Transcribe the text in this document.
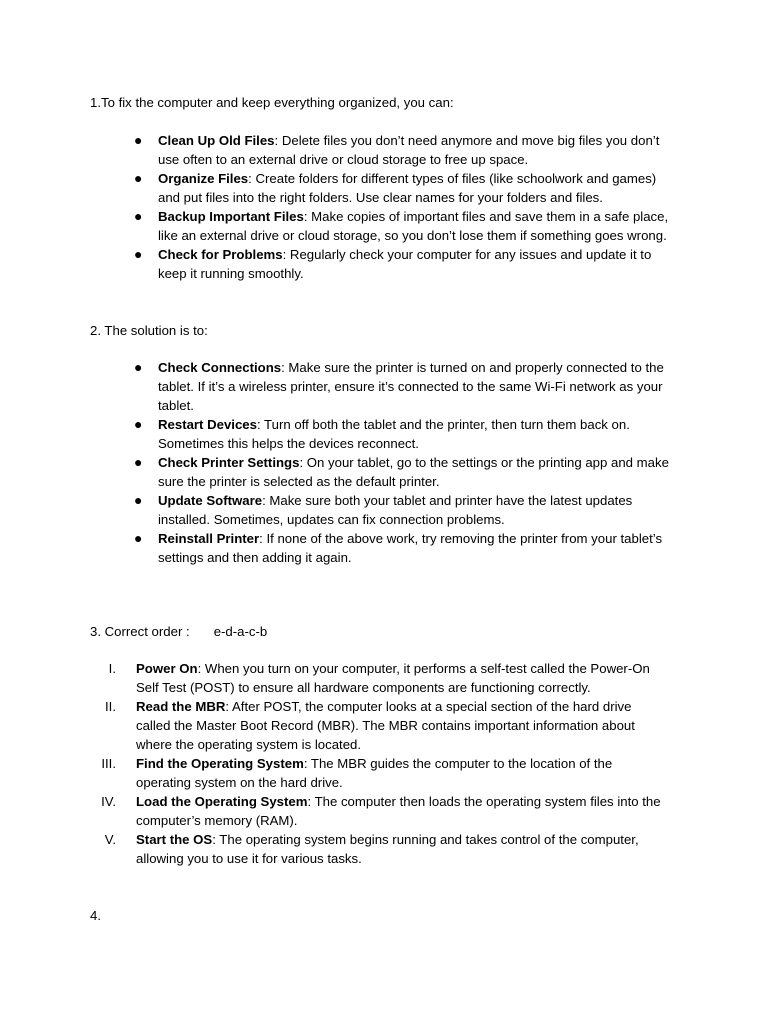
1.To fix the computer and keep everything organized, you can:
● Clean Up Old Files: Delete files you don’t need anymore and move big files you don’t use often to an external drive or cloud storage to free up space.
● Organize Files: Create folders for different types of files (like schoolwork and games) and put files into the right folders. Use clear names for your folders and files.
● Backup Important Files: Make copies of important files and save them in a safe place, like an external drive or cloud storage, so you don’t lose them if something goes wrong.
● Check for Problems: Regularly check your computer for any issues and update it to keep it running smoothly.
2. The solution is to:
● Check Connections: Make sure the printer is turned on and properly connected to the tablet. If it’s a wireless printer, ensure it’s connected to the same Wi-Fi network as your tablet.
● Restart Devices: Turn off both the tablet and the printer, then turn them back on. Sometimes this helps the devices reconnect.
● Check Printer Settings: On your tablet, go to the settings or the printing app and make sure the printer is selected as the default printer.
● Update Software: Make sure both your tablet and printer have the latest updates installed. Sometimes, updates can fix connection problems.
● Reinstall Printer: If none of the above work, try removing the printer from your tablet’s settings and then adding it again.
3. Correct order : e-d-a-c-b
I. Power On: When you turn on your computer, it performs a self-test called the Power-On Self Test (POST) to ensure all hardware components are functioning correctly.
II. Read the MBR: After POST, the computer looks at a special section of the hard drive called the Master Boot Record (MBR). The MBR contains important information about where the operating system is located.
III. Find the Operating System: The MBR guides the computer to the location of the operating system on the hard drive.
IV. Load the Operating System: The computer then loads the operating system files into the computer’s memory (RAM).
V. Start the OS: The operating system begins running and takes control of the computer, allowing you to use it for various tasks.
4.
